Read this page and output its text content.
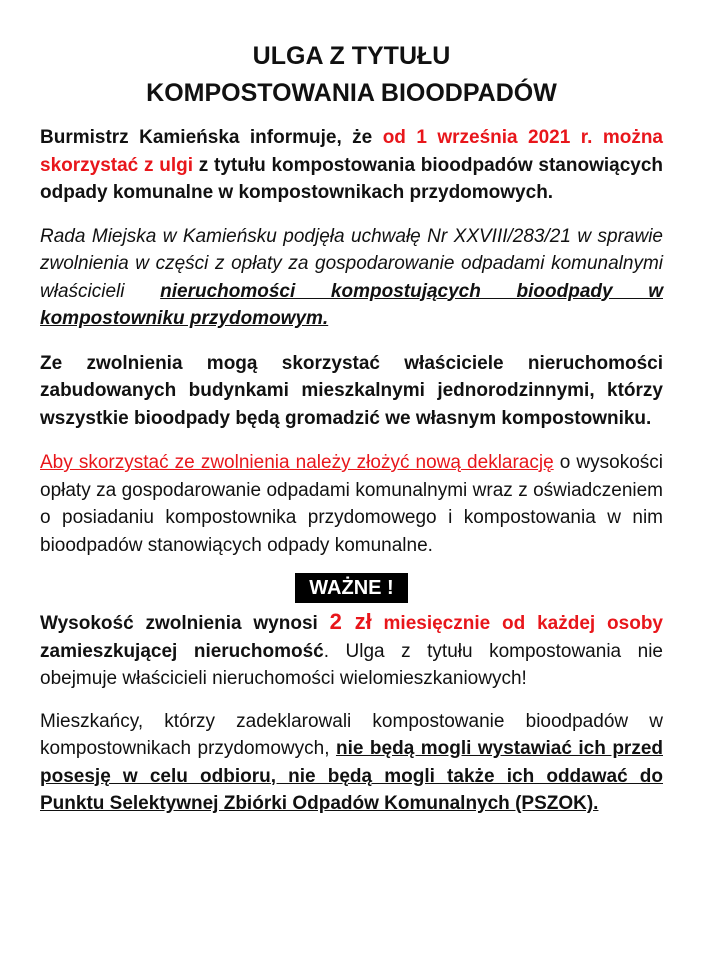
ULGA Z TYTUŁU
KOMPOSTOWANIA BIOODPADÓW

Burmistrz Kamieńska informuje, że od 1 września 2021 r. można skorzystać z ulgi z tytułu kompostowania bioodpadów stanowiących odpady komunalne w kompostownikach przydomowych.

Rada Miejska w Kamieńsku podjęła uchwałę Nr XXVIII/283/21 w sprawie zwolnienia w części z opłaty za gospodarowanie odpadami komunalnymi właścicieli nieruchomości kompostujących bioodpady w kompostowniku przydomowym.

Ze zwolnienia mogą skorzystać właściciele nieruchomości zabudowanych budynkami mieszkalnymi jednorodzinnymi, którzy wszystkie bioodpady będą gromadzić we własnym kompostowniku.

Aby skorzystać ze zwolnienia należy złożyć nową deklarację o wysokości opłaty za gospodarowanie odpadami komunalnymi wraz z oświadczeniem o posiadaniu kompostownika przydomowego i kompostowania w nim bioodpadów stanowiących odpady komunalne.

WAŻNE !

Wysokość zwolnienia wynosi 2 zł miesięcznie od każdej osoby zamieszkującej nieruchomość. Ulga z tytułu kompostowania nie obejmuje właścicieli nieruchomości wielomieszkaniowych!

Mieszkańcy, którzy zadeklarowali kompostowanie bioodpadów w kompostownikach przydomowych, nie będą mogli wystawiać ich przed posesję w celu odbioru, nie będą mogli także ich oddawać do Punktu Selektywnej Zbiórki Odpadów Komunalnych (PSZOK).
